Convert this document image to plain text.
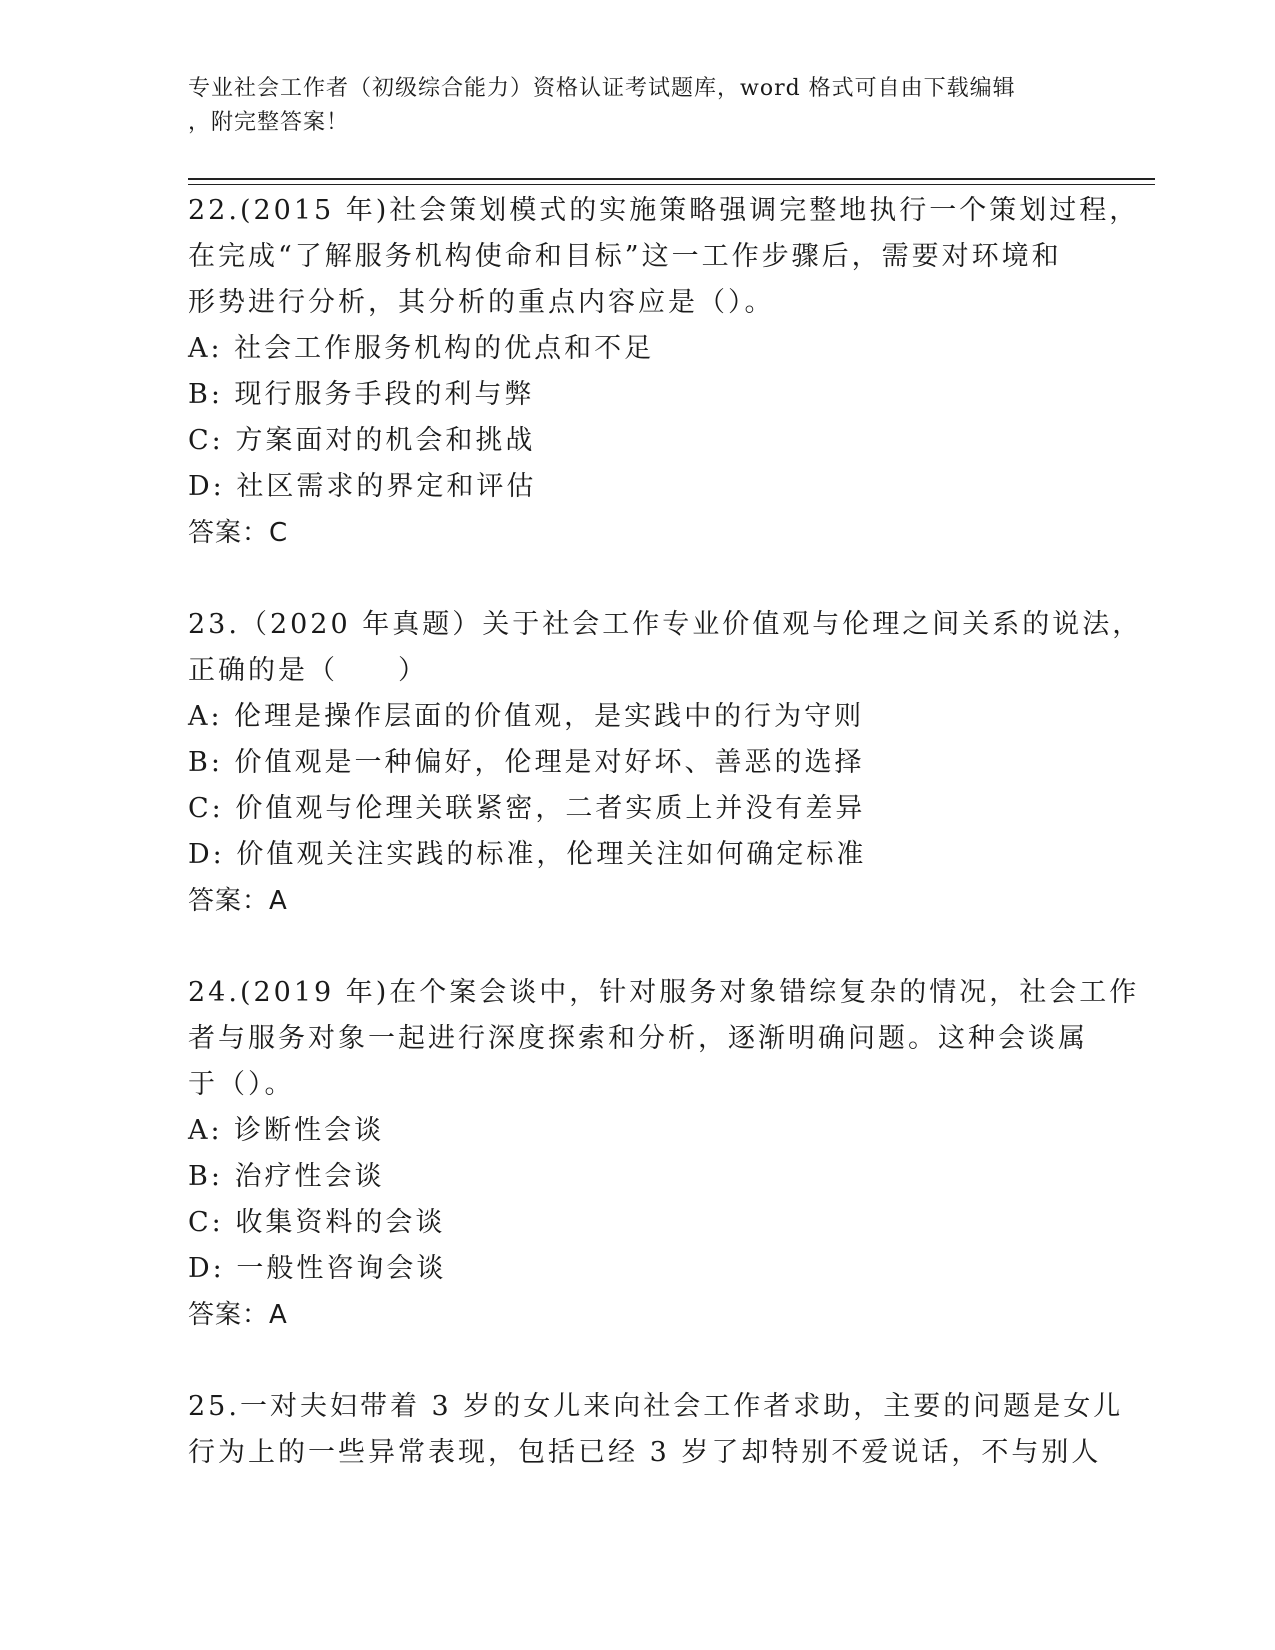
专业社会工作者（初级综合能力）资格认证考试题库，word 格式可自由下载编辑
，附完整答案！
22.(2015 年)社会策划模式的实施策略强调完整地执行一个策划过程，
在完成“了解服务机构使命和目标”这一工作步骤后，需要对环境和
形势进行分析，其分析的重点内容应是（）。
A: 社会工作服务机构的优点和不足
B: 现行服务手段的利与弊
C: 方案面对的机会和挑战
D: 社区需求的界定和评估
答案：C
23.（2020 年真题）关于社会工作专业价值观与伦理之间关系的说法，
正确的是（　　）
A: 伦理是操作层面的价值观，是实践中的行为守则
B: 价值观是一种偏好，伦理是对好坏、善恶的选择
C: 价值观与伦理关联紧密，二者实质上并没有差异
D: 价值观关注实践的标准，伦理关注如何确定标准
答案：A
24.(2019 年)在个案会谈中，针对服务对象错综复杂的情况，社会工作
者与服务对象一起进行深度探索和分析，逐渐明确问题。这种会谈属
于（）。
A: 诊断性会谈
B: 治疗性会谈
C: 收集资料的会谈
D: 一般性咨询会谈
答案：A
25.一对夫妇带着 3 岁的女儿来向社会工作者求助，主要的问题是女儿
行为上的一些异常表现，包括已经 3 岁了却特别不爱说话，不与别人
